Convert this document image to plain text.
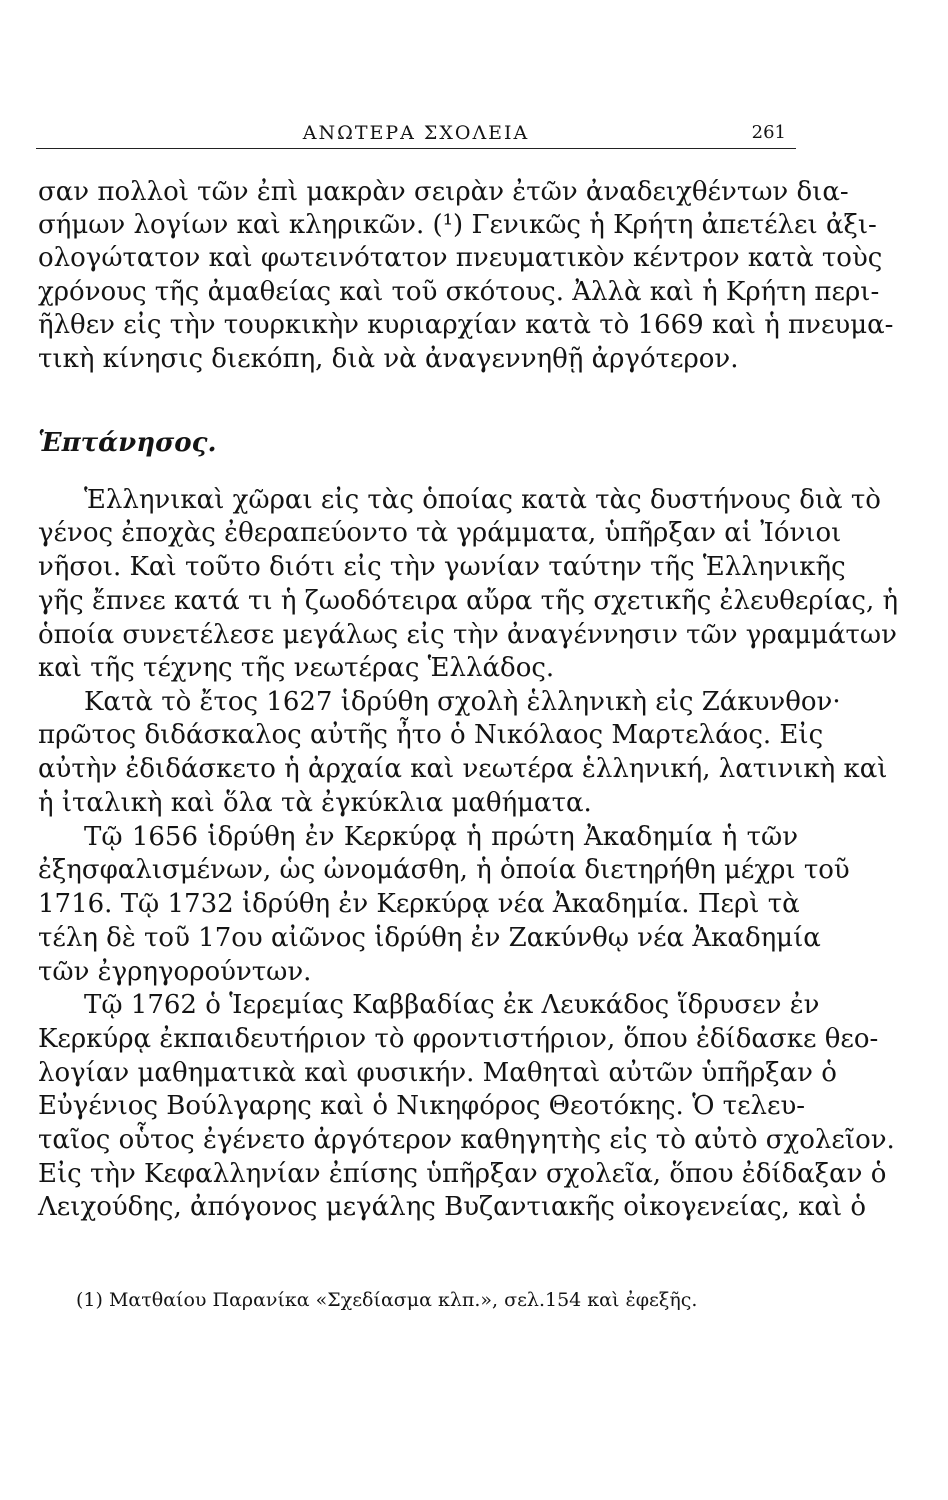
ΑΝΩΤΕΡΑ ΣΧΟΛΕΙΑ	261
σαν πολλοὶ τῶν ἐπὶ μακρὰν σειρὰν ἐτῶν ἀναδειχθέντων δια-
σήμων λογίων καὶ κληρικῶν. (¹) Γενικῶς ἡ Κρήτη ἀπετέλει ἀξι-
ολογώτατον καὶ φωτεινότατον πνευματικὸν κέντρον κατὰ τοὺς
χρόνους τῆς ἀμαθείας καὶ τοῦ σκότους. Ἀλλὰ καὶ ἡ Κρήτη περι-
ῆλθεν εἰς τὴν τουρκικὴν κυριαρχίαν κατὰ τὸ 1669 καὶ ἡ πνευμα-
τικὴ κίνησις διεκόπη, διὰ νὰ ἀναγεννηθῇ ἀργότερον.
Ἑπτάνησος.
Ἑλληνικαὶ χῶραι εἰς τὰς ὁποίας κατὰ τὰς δυστήνους διὰ τὸ
γένος ἐποχὰς ἐθεραπεύοντο τὰ γράμματα, ὑπῆρξαν αἱ Ἰόνιοι
νῆσοι. Καὶ τοῦτο διότι εἰς τὴν γωνίαν ταύτην τῆς Ἑλληνικῆς
γῆς ἔπνεε κατά τι ἡ ζωοδότειρα αὔρα τῆς σχετικῆς ἐλευθερίας, ἡ
ὁποία συνετέλεσε μεγάλως εἰς τὴν ἀναγέννησιν τῶν γραμμάτων
καὶ τῆς τέχνης τῆς νεωτέρας Ἑλλάδος.
Κατὰ τὸ ἔτος 1627 ἱδρύθη σχολὴ ἑλληνικὴ εἰς Ζάκυνθον·
πρῶτος διδάσκαλος αὐτῆς ἦτο ὁ Νικόλαος Μαρτελάος. Εἰς
αὐτὴν ἐδιδάσκετο ἡ ἀρχαία καὶ νεωτέρα ἑλληνική, λατινικὴ καὶ
ἡ ἰταλικὴ καὶ ὅλα τὰ ἐγκύκλια μαθήματα.
Τῷ 1656 ἱδρύθη ἐν Κερκύρᾳ ἡ πρώτη Ἀκαδημία ἡ τῶν
ἐξησφαλισμένων, ὡς ὠνομάσθη, ἡ ὁποία διετηρήθη μέχρι τοῦ
1716. Τῷ 1732 ἱδρύθη ἐν Κερκύρᾳ νέα Ἀκαδημία. Περὶ τὰ
τέλη δὲ τοῦ 17ου αἰῶνος ἱδρύθη ἐν Ζακύνθῳ νέα Ἀκαδημία
τῶν ἐγρηγορούντων.
Τῷ 1762 ὁ Ἱερεμίας Καββαδίας ἐκ Λευκάδος ἵδρυσεν ἐν
Κερκύρᾳ ἐκπαιδευτήριον τὸ φροντιστήριον, ὅπου ἐδίδασκε θεο-
λογίαν μαθηματικὰ καὶ φυσικήν. Μαθηταὶ αὐτῶν ὑπῆρξαν ὁ
Εὐγένιος Βούλγαρης καὶ ὁ Νικηφόρος Θεοτόκης. Ὁ τελευ-
ταῖος οὗτος ἐγένετο ἀργότερον καθηγητὴς εἰς τὸ αὐτὸ σχολεῖον.
Εἰς τὴν Κεφαλληνίαν ἐπίσης ὑπῆρξαν σχολεῖα, ὅπου ἐδίδαξαν ὁ
Λειχούδης, ἀπόγονος μεγάλης Βυζαντιακῆς οἰκογενείας, καὶ ὁ
(1) Ματθαίου Παρανίκα «Σχεδίασμα κλπ.», σελ.154 καὶ ἐφεξῆς.
